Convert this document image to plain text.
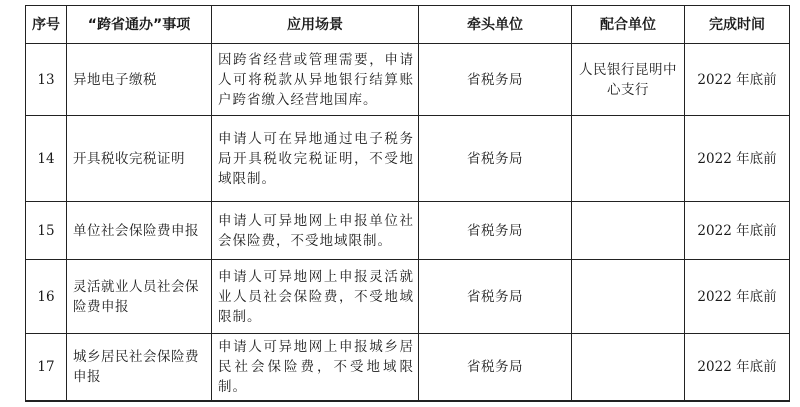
序号	“跨省通办”事项	应用场景	牵头单位	配合单位	完成时间
13	异地电子缴税	因跨省经营或管理需要，申请人可将税款从异地银行结算账户跨省缴入经营地国库。	省税务局	人民银行昆明中心支行	2022 年底前
14	开具税收完税证明	申请人可在异地通过电子税务局开具税收完税证明，不受地域限制。	省税务局		2022 年底前
15	单位社会保险费申报	申请人可异地网上申报单位社会保险费，不受地域限制。	省税务局		2022 年底前
16	灵活就业人员社会保险费申报	申请人可异地网上申报灵活就业人员社会保险费，不受地域限制。	省税务局		2022 年底前
17	城乡居民社会保险费申报	申请人可异地网上申报城乡居民社会保险费，不受地域限制。	省税务局		2022 年底前
